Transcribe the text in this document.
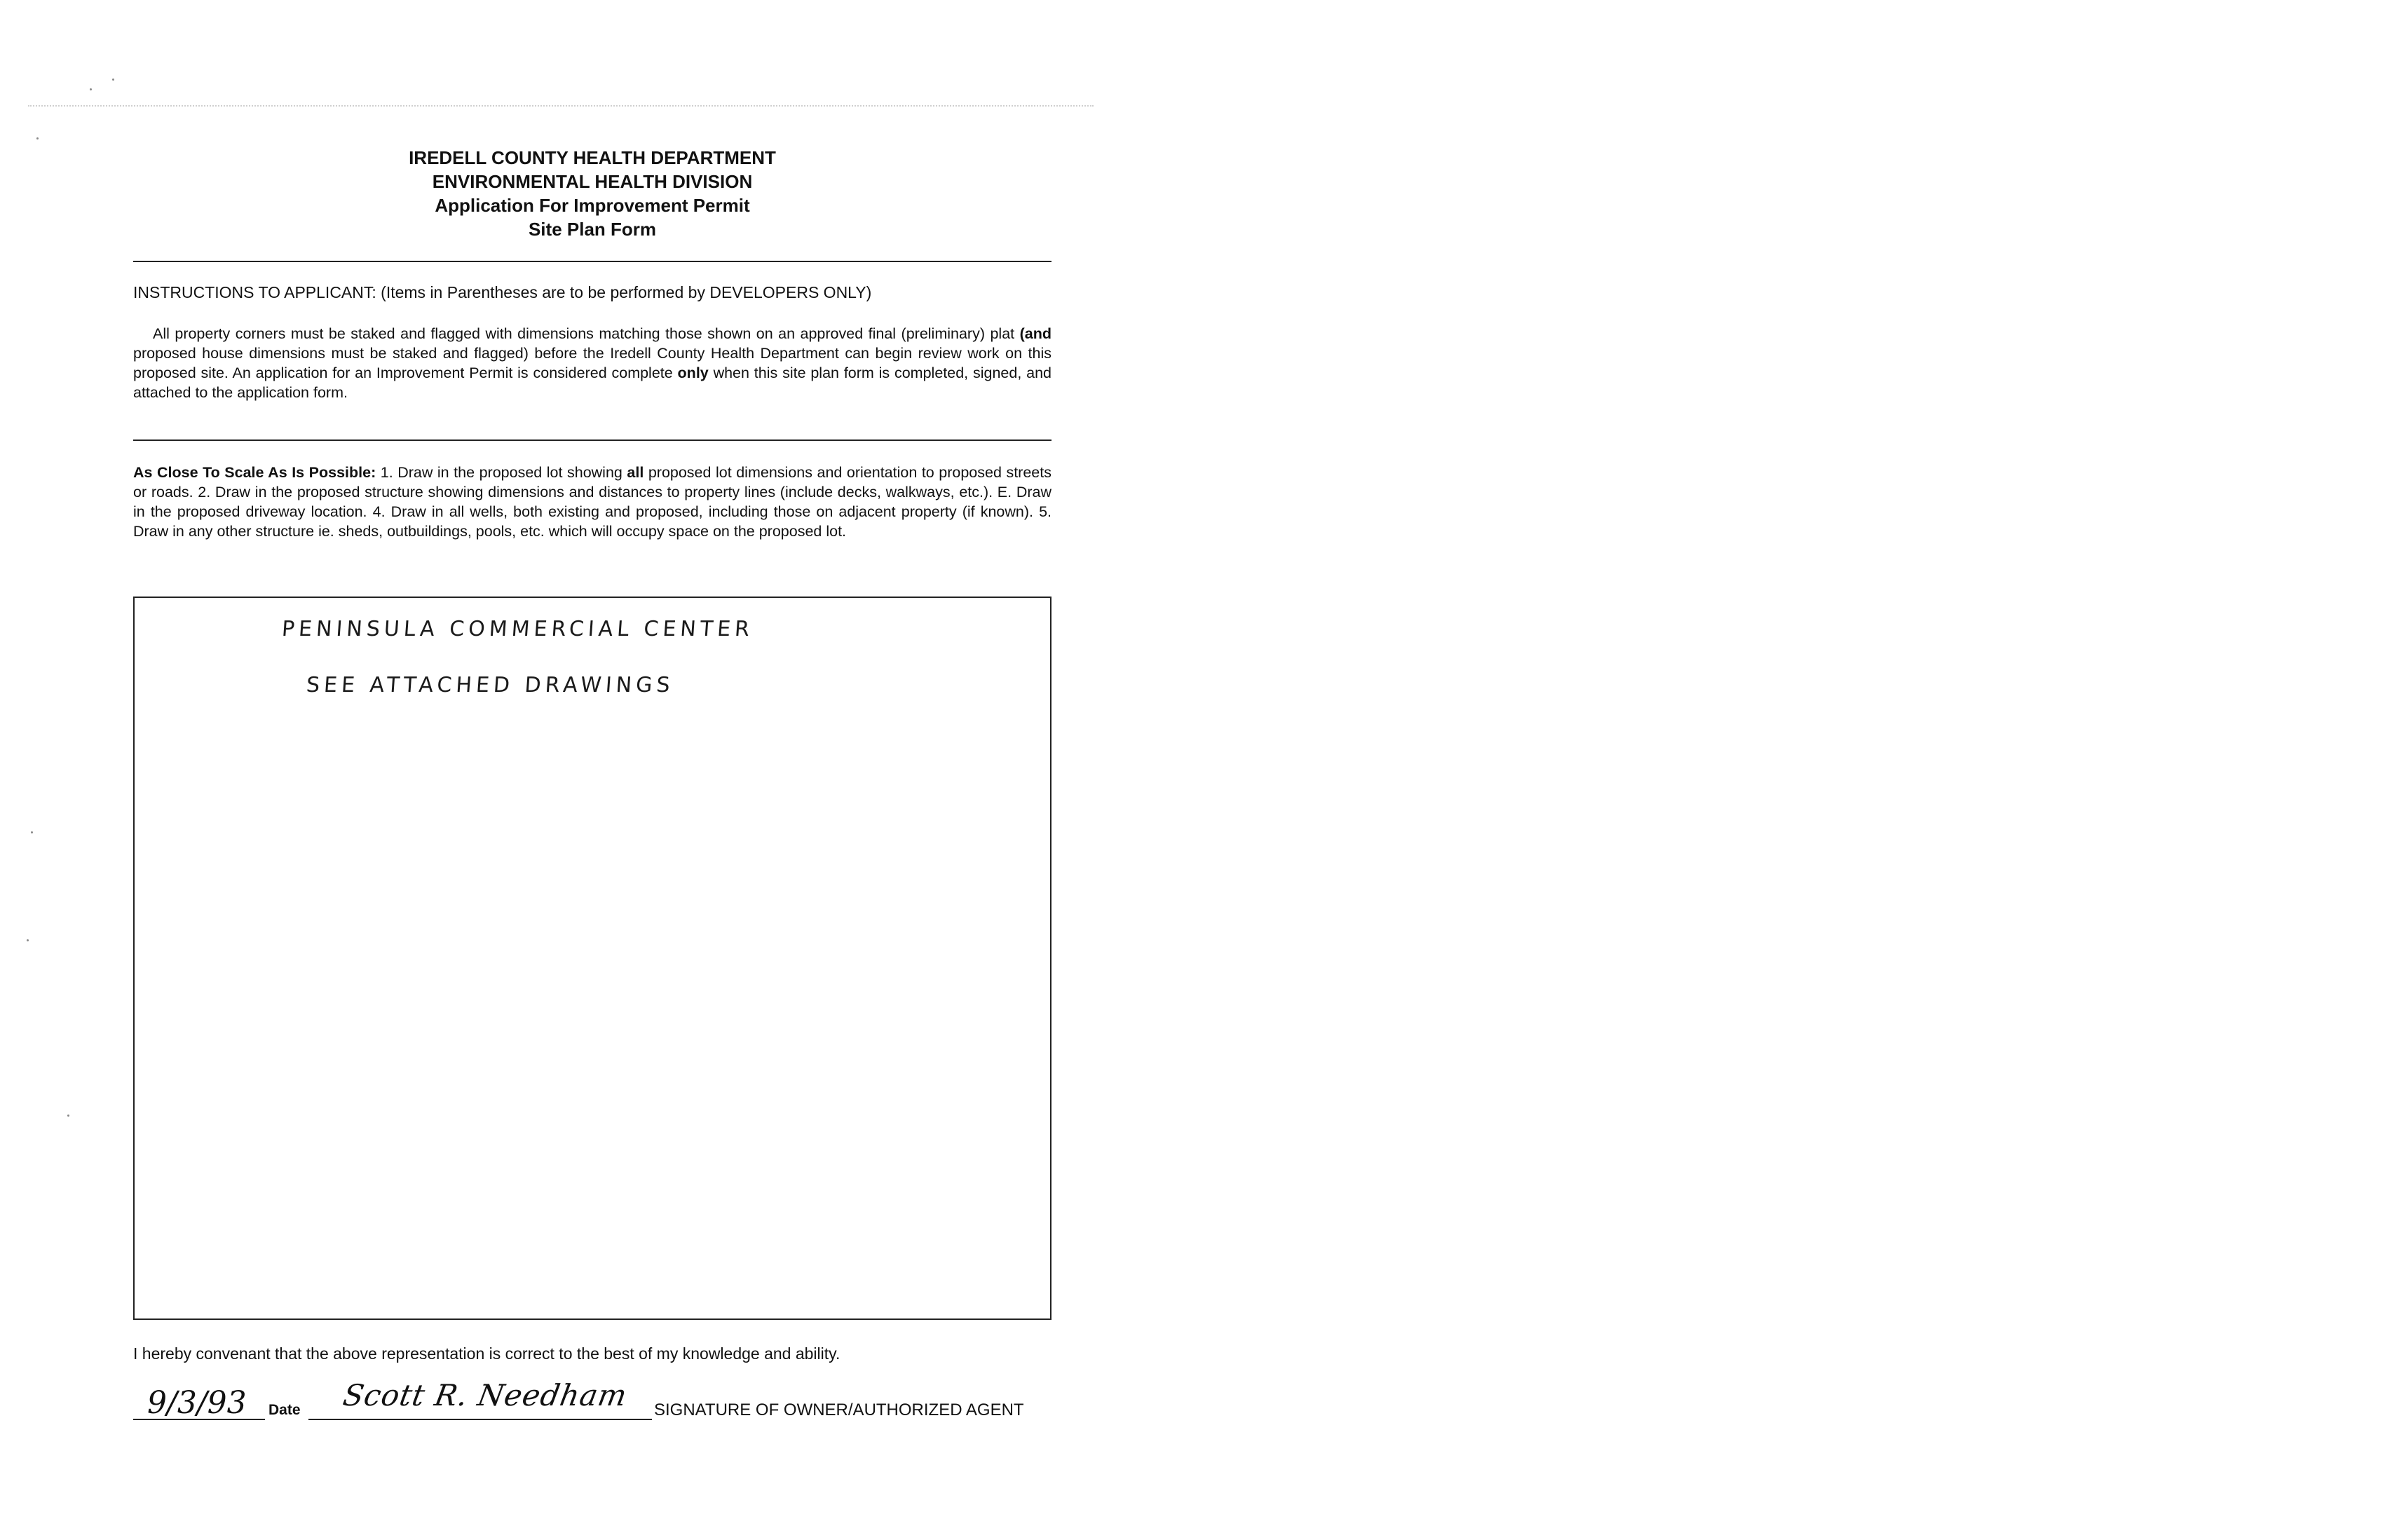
IREDELL COUNTY HEALTH DEPARTMENT
ENVIRONMENTAL HEALTH DIVISION
Application For Improvement Permit
Site Plan Form
INSTRUCTIONS TO APPLICANT: (Items in Parentheses are to be performed by DEVELOPERS ONLY)
All property corners must be staked and flagged with dimensions matching those shown on an approved final (preliminary) plat (and proposed house dimensions must be staked and flagged) before the Iredell County Health Department can begin review work on this proposed site. An application for an Improvement Permit is considered complete only when this site plan form is completed, signed, and attached to the application form.
As Close To Scale As Is Possible: 1. Draw in the proposed lot showing all proposed lot dimensions and orientation to proposed streets or roads. 2. Draw in the proposed structure showing dimensions and distances to property lines (include decks, walkways, etc.). E. Draw in the proposed driveway location. 4. Draw in all wells, both existing and proposed, including those on adjacent property (if known). 5. Draw in any other structure ie. sheds, outbuildings, pools, etc. which will occupy space on the proposed lot.
PENINSULA COMMERCIAL CENTER
SEE ATTACHED DRAWINGS
I hereby convenant that the above representation is correct to the best of my knowledge and ability.
9/3/93 Date Scott R. Needham SIGNATURE OF OWNER/AUTHORIZED AGENT
